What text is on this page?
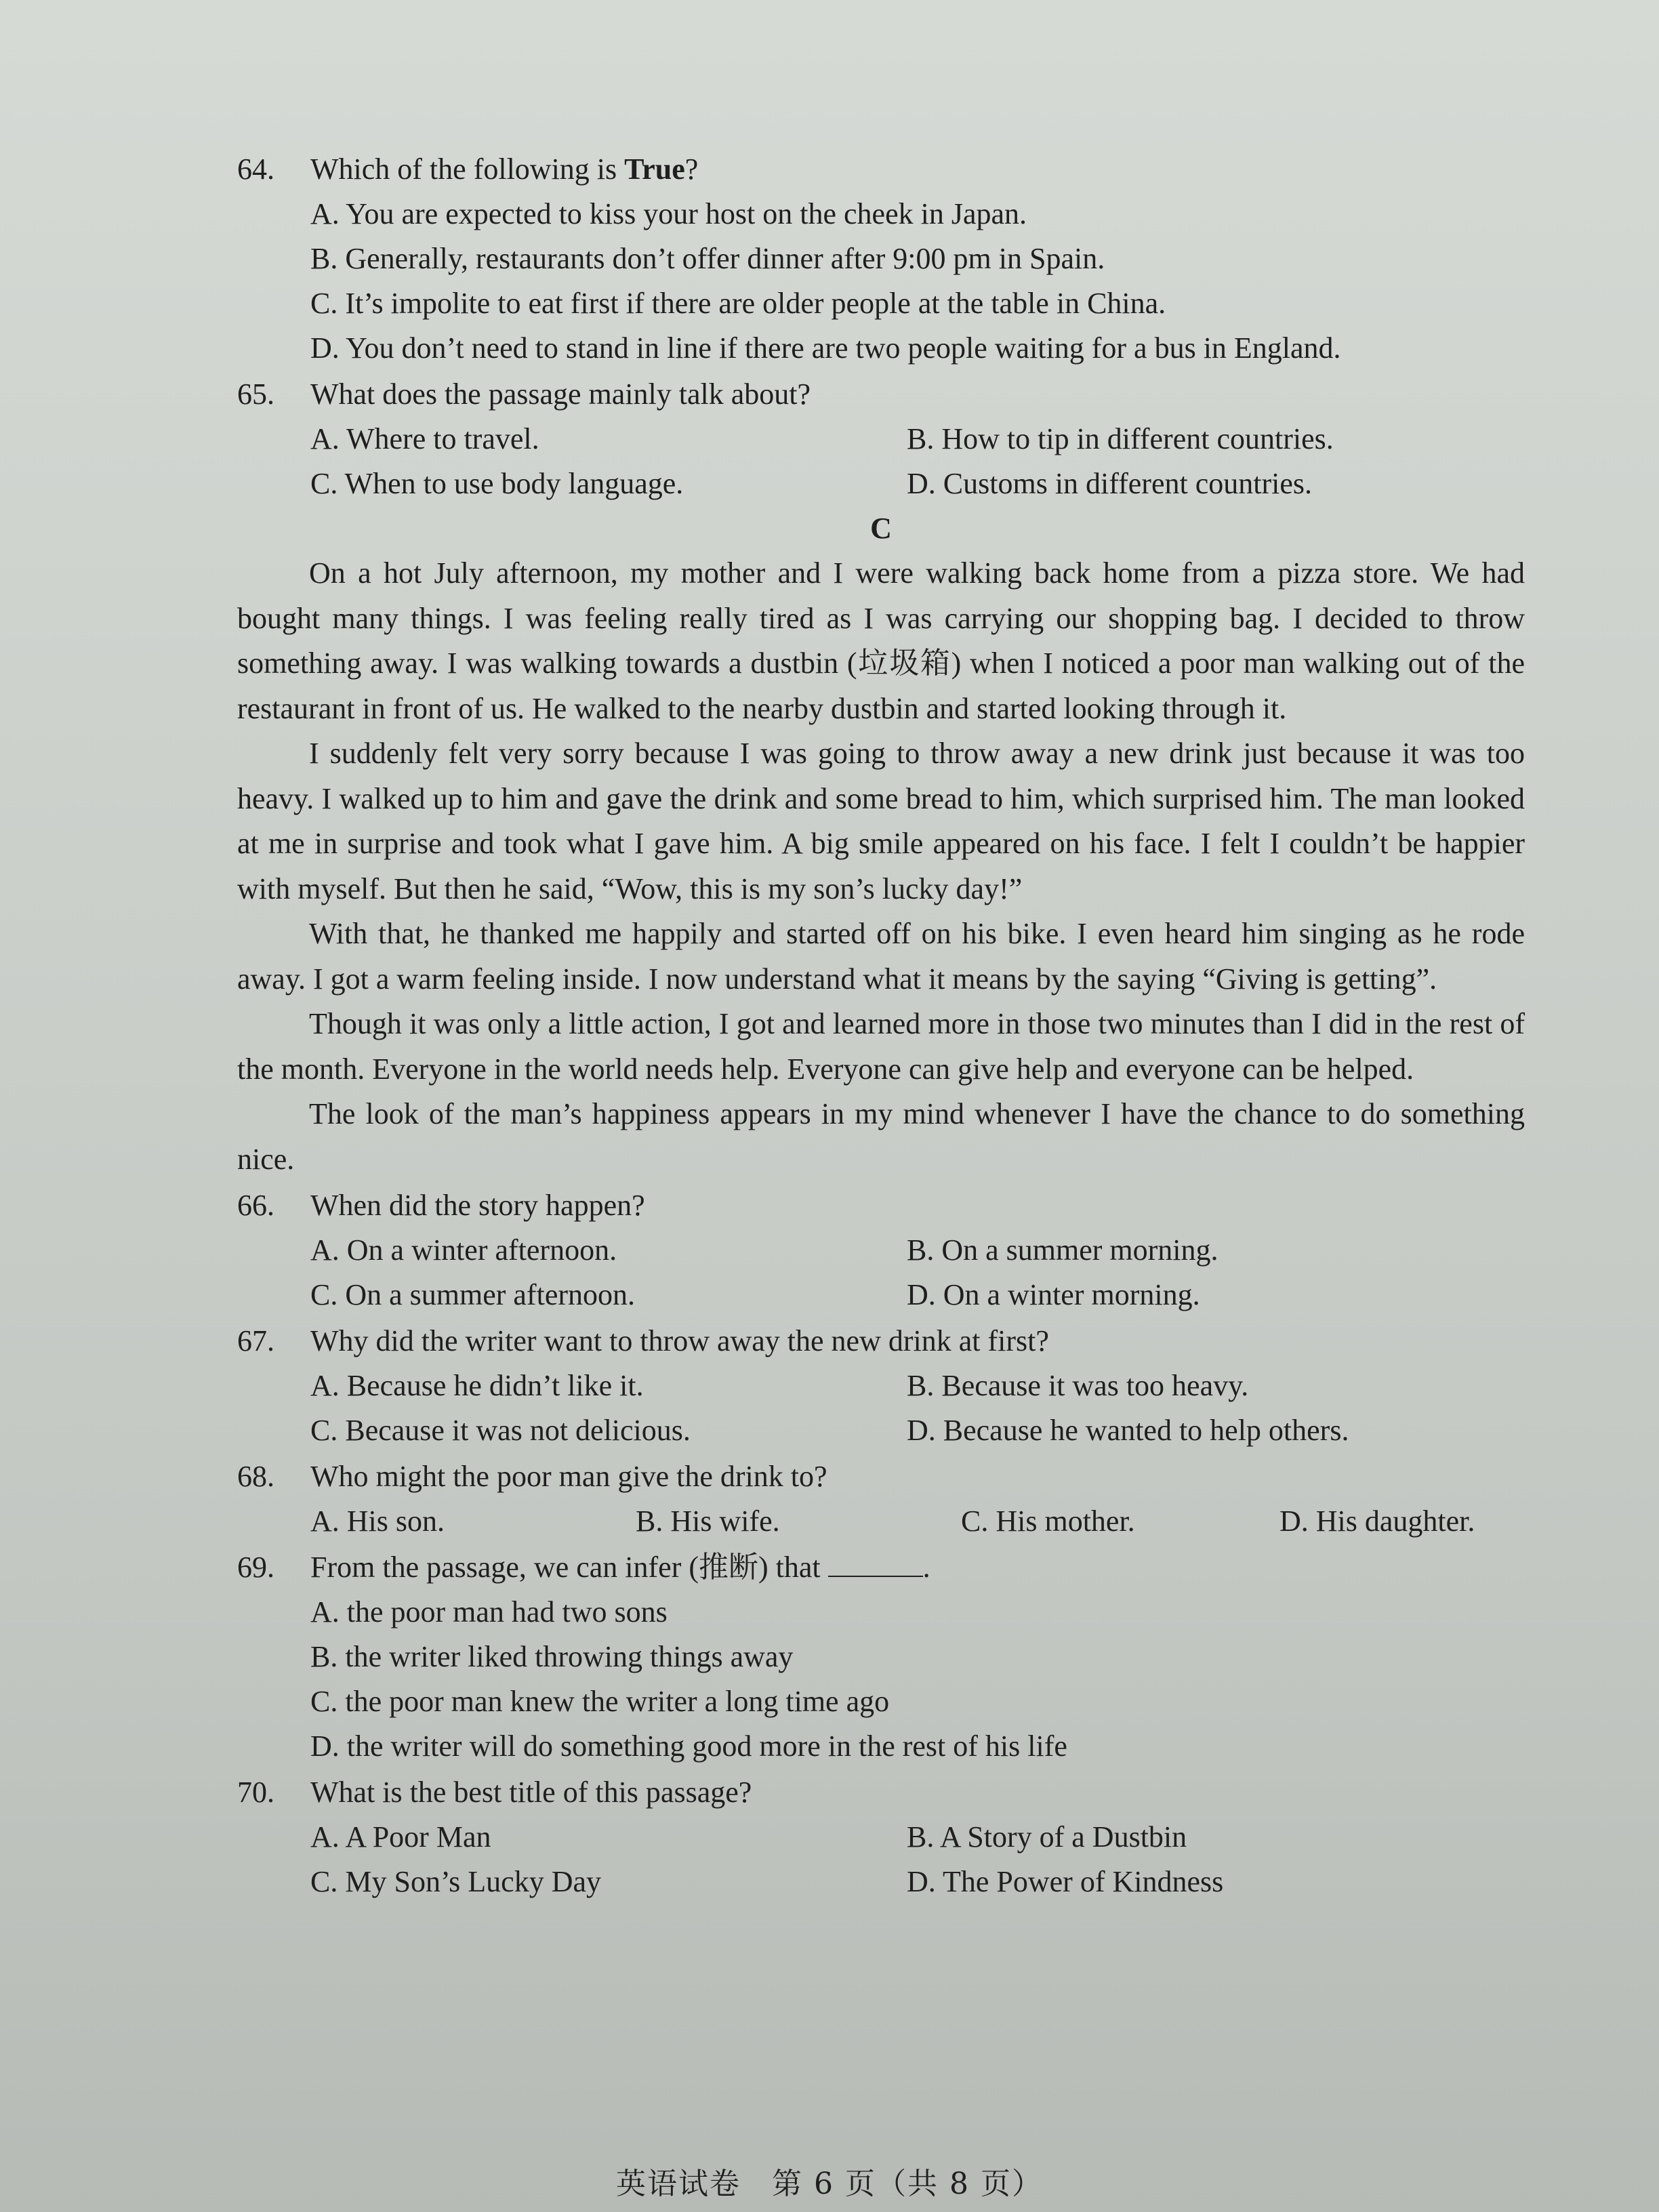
64.	Which of the following is True?
A. You are expected to kiss your host on the cheek in Japan.
B. Generally, restaurants don’t offer dinner after 9:00 pm in Spain.
C. It’s impolite to eat first if there are older people at the table in China.
D. You don’t need to stand in line if there are two people waiting for a bus in England.
65.	What does the passage mainly talk about?
A. Where to travel.	B. How to tip in different countries.
C. When to use body language.	D. Customs in different countries.
C

On a hot July afternoon, my mother and I were walking back home from a pizza store. We had bought many things. I was feeling really tired as I was carrying our shopping bag. I decided to throw something away. I was walking towards a dustbin (垃圾箱) when I noticed a poor man walking out of the restaurant in front of us. He walked to the nearby dustbin and started looking through it.

I suddenly felt very sorry because I was going to throw away a new drink just because it was too heavy. I walked up to him and gave the drink and some bread to him, which surprised him. The man looked at me in surprise and took what I gave him. A big smile appeared on his face. I felt I couldn’t be happier with myself. But then he said, “Wow, this is my son’s lucky day!”

With that, he thanked me happily and started off on his bike. I even heard him singing as he rode away. I got a warm feeling inside. I now understand what it means by the saying “Giving is getting”.

Though it was only a little action, I got and learned more in those two minutes than I did in the rest of the month. Everyone in the world needs help. Everyone can give help and everyone can be helped.

The look of the man’s happiness appears in my mind whenever I have the chance to do something nice.

66.	When did the story happen?
A. On a winter afternoon.	B. On a summer morning.
C. On a summer afternoon.	D. On a winter morning.
67.	Why did the writer want to throw away the new drink at first?
A. Because he didn’t like it.	B. Because it was too heavy.
C. Because it was not delicious.	D. Because he wanted to help others.
68.	Who might the poor man give the drink to?
A. His son.	B. His wife.	C. His mother.	D. His daughter.
69.	From the passage, we can infer (推断) that	.
A. the poor man had two sons
B. the writer liked throwing things away
C. the poor man knew the writer a long time ago
D. the writer will do something good more in the rest of his life
70.	What is the best title of this passage?
A. A Poor Man	B. A Story of a Dustbin
C. My Son’s Lucky Day	D. The Power of Kindness
英语试卷　第 6 页（共 8 页）
